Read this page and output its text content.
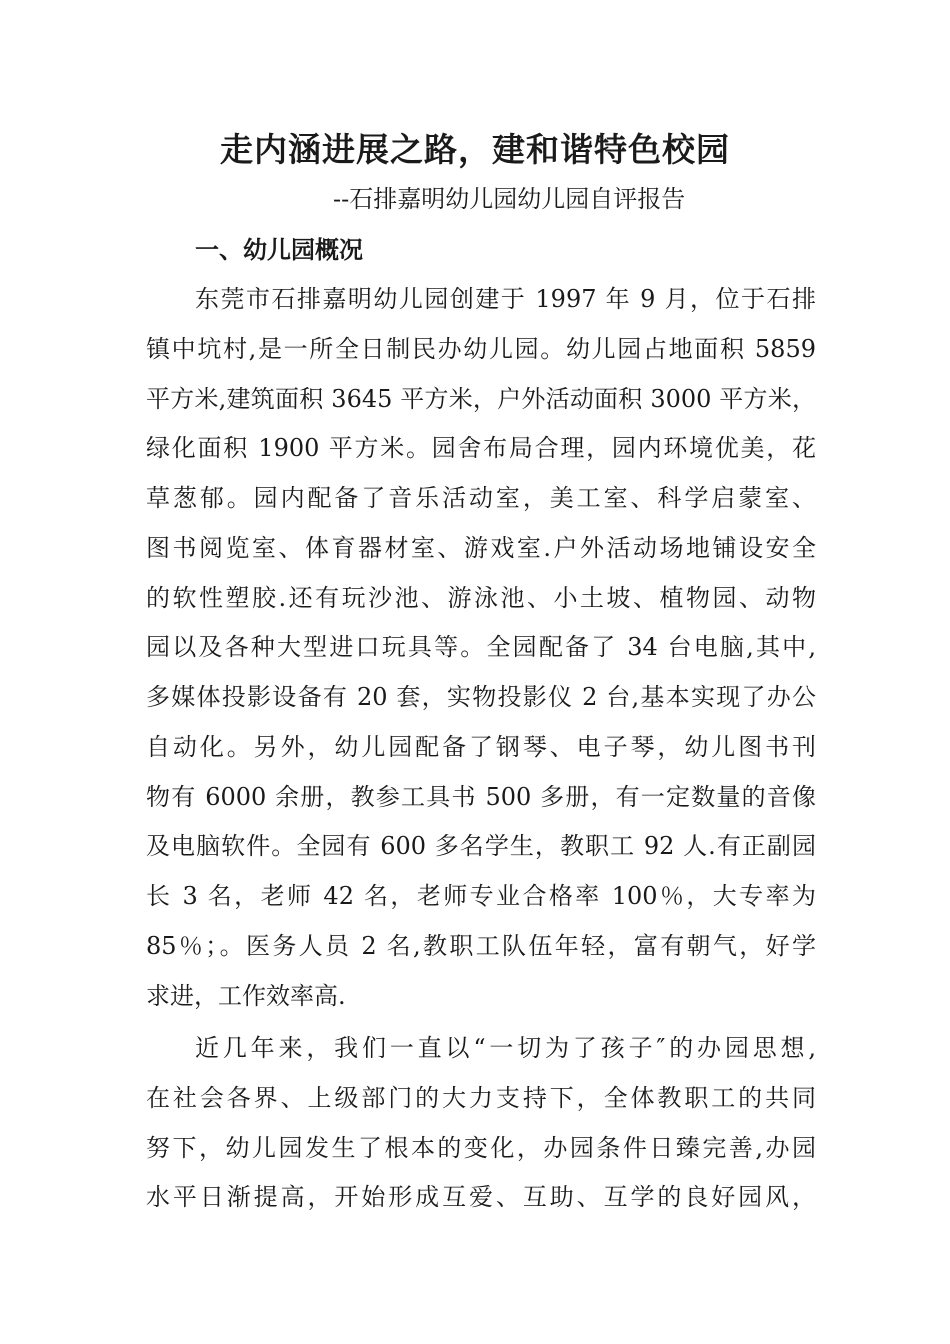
走内涵进展之路，建和谐特色校园

--石排嘉明幼儿园幼儿园自评报告

一、幼儿园概况
东莞市石排嘉明幼儿园创建于 1997 年 9 月，位于石排
镇中坑村,是一所全日制民办幼儿园。幼儿园占地面积 5859
平方米,建筑面积 3645 平方米，户外活动面积 3000 平方米，
绿化面积 1900 平方米。园舍布局合理，园内环境优美，花
草葱郁。园内配备了音乐活动室，美工室、科学启蒙室、
图书阅览室、体育器材室、游戏室.户外活动场地铺设安全
的软性塑胶.还有玩沙池、游泳池、小土坡、植物园、动物
园以及各种大型进口玩具等。全园配备了 34 台电脑,其中,
多媒体投影设备有 20 套，实物投影仪 2 台,基本实现了办公
自动化。另外，幼儿园配备了钢琴、电子琴，幼儿图书刊
物有 6000 余册，教参工具书 500 多册，有一定数量的音像
及电脑软件。全园有 600 多名学生，教职工 92 人.有正副园
长 3 名，老师 42 名，老师专业合格率 100％，大专率为
85％；。医务人员 2 名,教职工队伍年轻，富有朝气，好学
求进，工作效率高.
近几年来，我们一直以“一切为了孩子″的办园思想,
在社会各界、上级部门的大力支持下，全体教职工的共同
努下，幼儿园发生了根本的变化，办园条件日臻完善,办园
水平日渐提高，开始形成互爱、互助、互学的良好园风，
